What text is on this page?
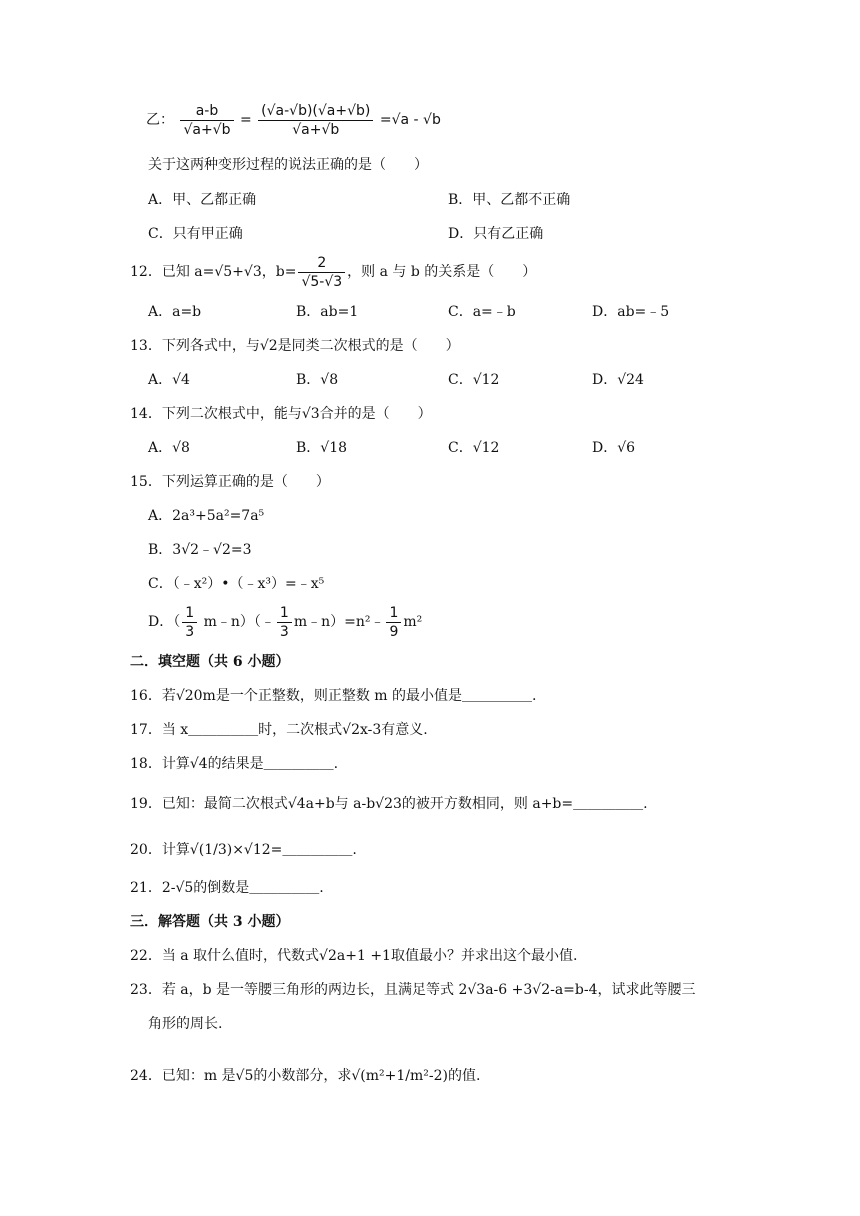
乙： $\frac{a-b}{√a+√b} = \frac{(√a-√b)(√a+√b)}{√a+√b} =√a - √b$
关于这两种变形过程的说法正确的是（　　）
A．甲、乙都正确	B．甲、乙都不正确
C．只有甲正确	D．只有乙正确
12．已知 a=√5+√3，$b= \frac{2}{√5-√3}$ ，则 a 与 b 的关系是（　　）
A．a=b	B．ab=1	C．a=﹣b	D．ab=﹣5
13．下列各式中，与√2是同类二次根式的是（　　）
A．√4	B．√8	C．√12	D．√24
14．下列二次根式中，能与√3合并的是（　　）
A．√8	B．√18	C．√12	D．√6
15．下列运算正确的是（　　）
A．2a³+5a²=7a⁵
B．3√2﹣√2=3
C．（﹣x²）•（﹣x³）=﹣x⁵
D．（ $\frac{1}{3}$ m﹣n）（﹣ $\frac{1}{3}$ m﹣n）=n²﹣ $\frac{1}{9} m^2$
二．填空题（共 6 小题）
16．若√20m是一个正整数，则正整数 m 的最小值是＿＿＿＿＿.
17．当 x＿＿＿＿＿时，二次根式√2x-3有意义.
18．计算√4的结果是＿＿＿＿＿.
19．已知：最简二次根式√4a+b与 a-b√23的被开方数相同，则 a+b=＿＿＿＿＿.
20．计算√(1/3)×√12=＿＿＿＿＿.
21．2-√5的倒数是＿＿＿＿＿.
三．解答题（共 3 小题）
22．当 a 取什么值时，代数式√2a+1 +1取值最小？并求出这个最小值.
23．若 a，b 是一等腰三角形的两边长，且满足等式 2√3a-6 +3√2-a=b-4，试求此等腰三
角形的周长.
24．已知：m 是√5的小数部分，求√(m²+1/m²-2)的值.
